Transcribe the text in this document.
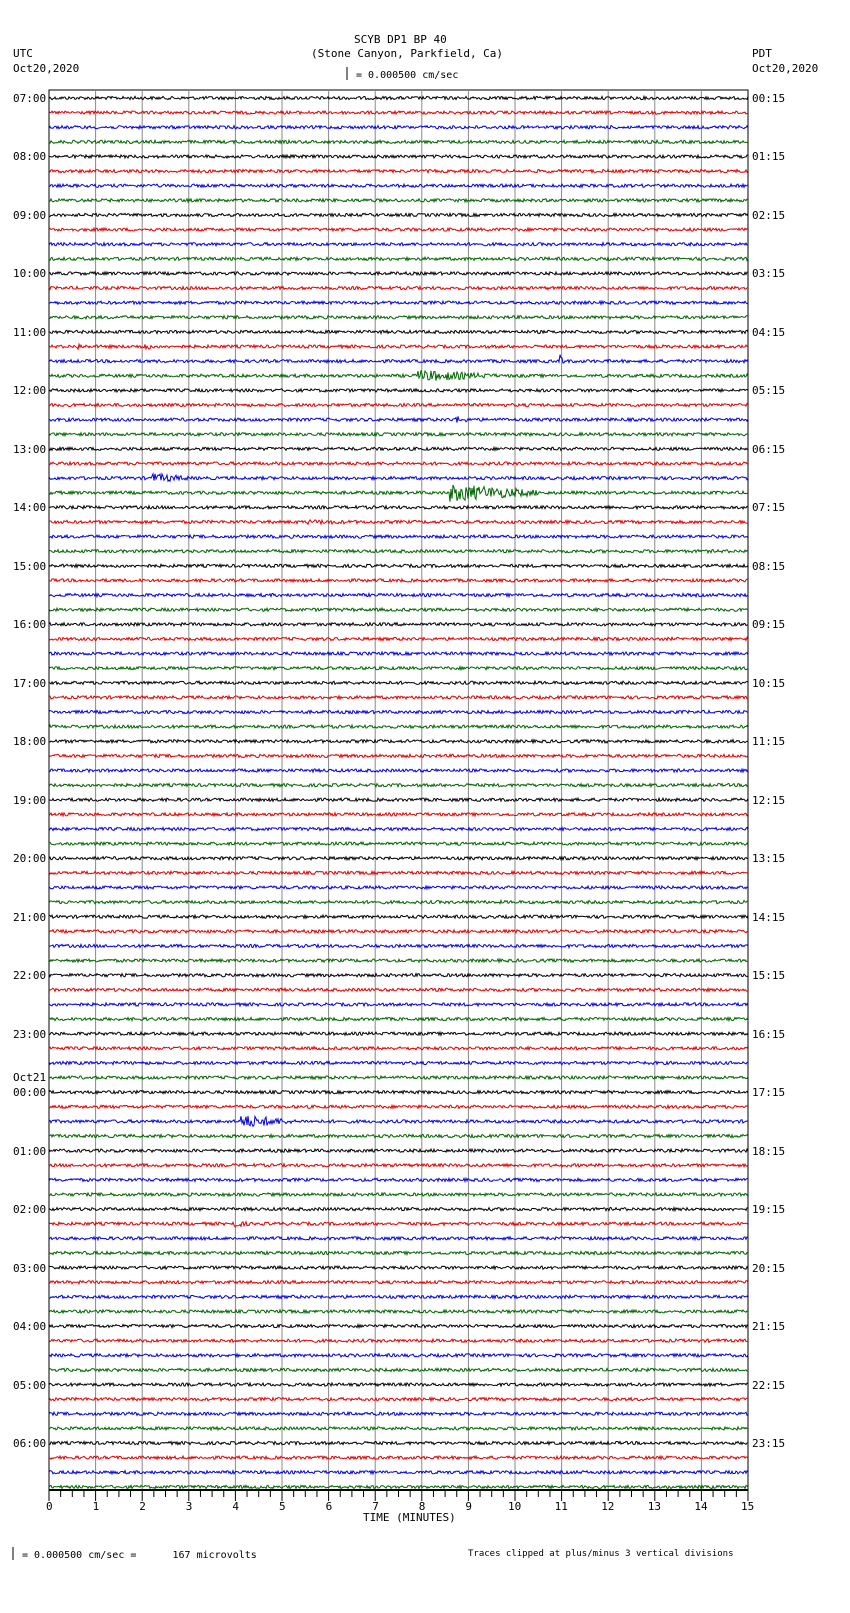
SCYB DP1 BP 40
(Stone Canyon, Parkfield, Ca)
UTC
Oct20,2020
PDT
Oct20,2020
= 0.000500 cm/sec
TIME (MINUTES)
= 0.000500 cm/sec =      167 microvolts	Traces clipped at plus/minus 3 vertical divisions
07:00
08:00
09:00
10:00
11:00
12:00
13:00
14:00
15:00
16:00
17:00
18:00
19:00
20:00
21:00
22:00
23:00
00:00
Oct21
01:00
02:00
03:00
04:00
05:00
06:00
00:15
01:15
02:15
03:15
04:15
05:15
06:15
07:15
08:15
09:15
10:15
11:15
12:15
13:15
14:15
15:15
16:15
17:15
18:15
19:15
20:15
21:15
22:15
23:15
0	1	2	3	4	5	6	7	8	9	10	11	12	13	14	15
